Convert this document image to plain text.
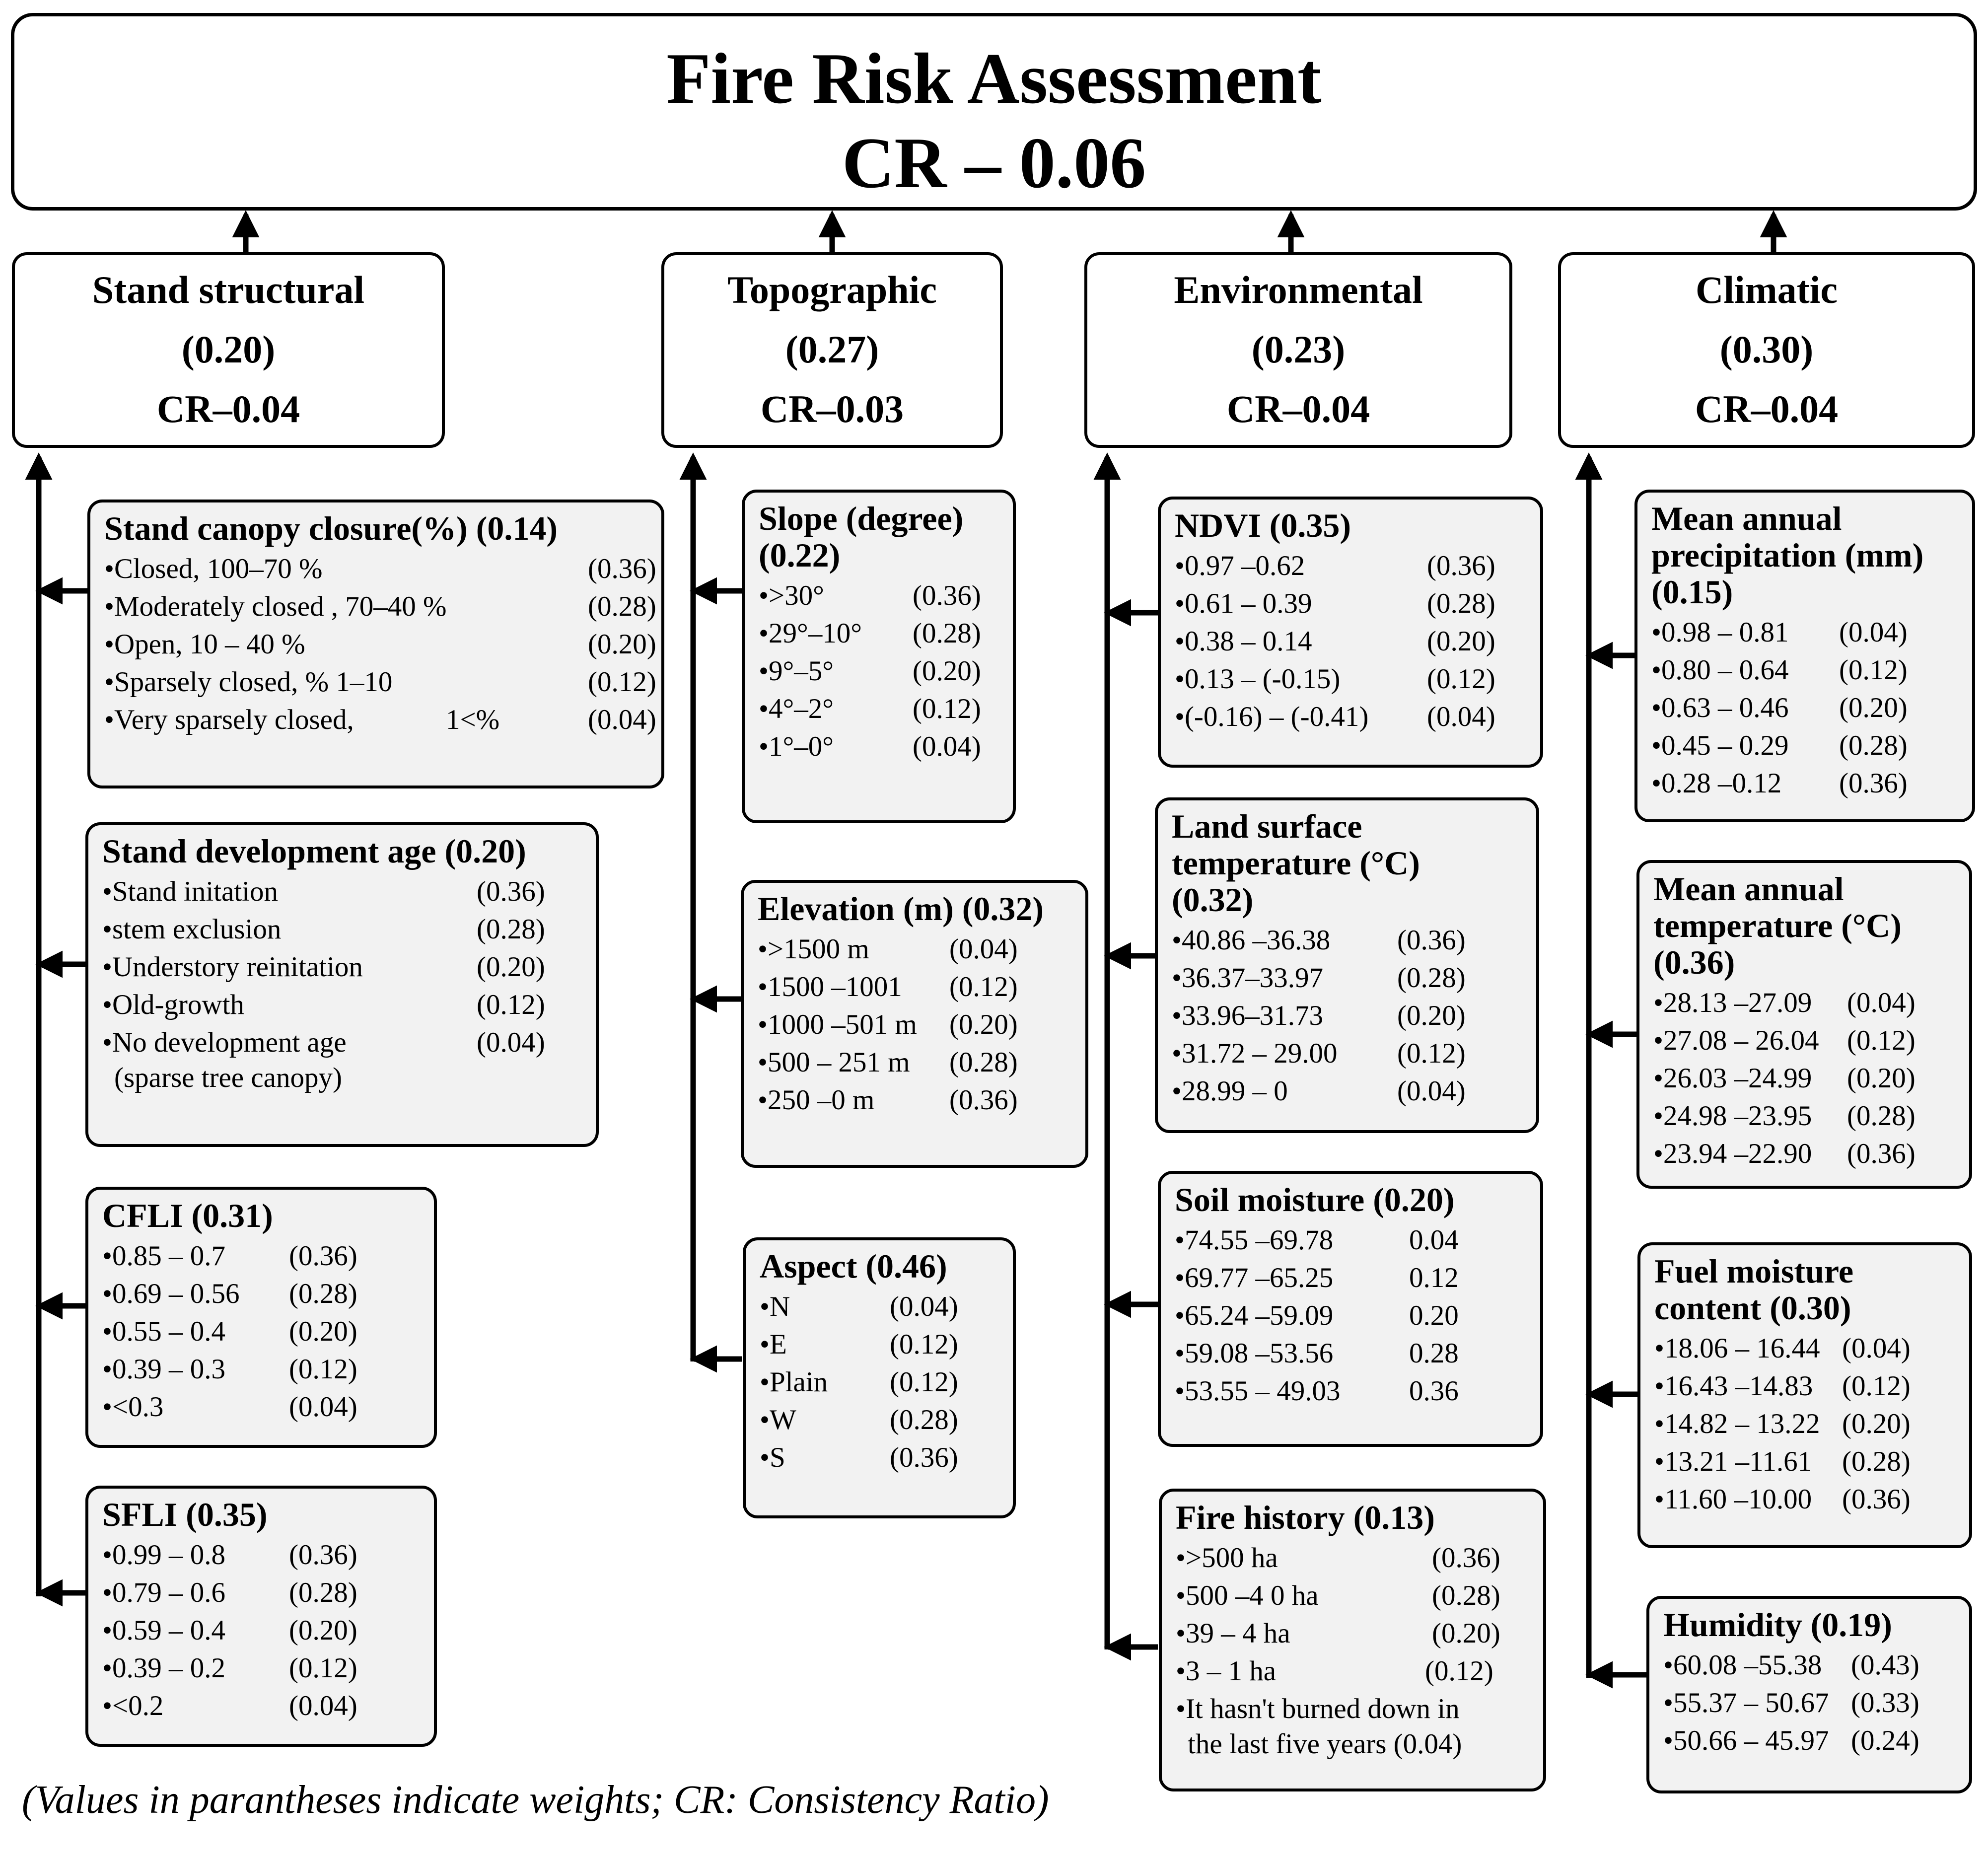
Fire Risk Assessment
CR – 0.06
Stand structural
(0.20)
CR–0.04
Topographic
(0.27)
CR–0.03
Environmental
(0.23)
CR–0.04
Climatic
(0.30)
CR–0.04
Stand canopy closure(%) (0.14)
•Closed, 100–70 %	(0.36)
•Moderately closed , 70–40 %	(0.28)
•Open, 10 – 40 %	(0.20)
•Sparsely closed, % 1–10	(0.12)
•Very sparsely closed,             1<%	(0.04)
Stand development age (0.20)
•Stand initation	(0.36)
•stem exclusion	(0.28)
•Understory reinitation	(0.20)
•Old-growth	(0.12)
•No development age	(0.04)
(sparse tree canopy)
CFLI (0.31)
•0.85 – 0.7 (0.36)
•0.69 – 0.56 (0.28)
•0.55 – 0.4 (0.20)
•0.39 – 0.3 (0.12)
•<0.3	(0.04)
SFLI (0.35)
•0.99 – 0.8 (0.36)
•0.79 – 0.6 (0.28)
•0.59 – 0.4 (0.20)
•0.39 – 0.2 (0.12)
•<0.2	(0.04)
Slope (degree)
(0.22)
•>30°	(0.36)
•29°–10° (0.28)
•9°–5°	(0.20)
•4°–2°	(0.12)
•1°–0°	(0.04)
Elevation (m) (0.32)
•>1500 m	(0.04)
•1500 –1001 (0.12)
•1000 –501 m (0.20)
•500 – 251 m (0.28)
•250 –0 m	(0.36)
Aspect (0.46)
•N	(0.04)
•E	(0.12)
•Plain (0.12)
•W	(0.28)
•S	(0.36)
NDVI (0.35)
•0.97 –0.62	(0.36)
•0.61 – 0.39	(0.28)
•0.38 – 0.14	(0.20)
•0.13 – (-0.15)	(0.12)
•(-0.16) – (-0.41) (0.04)
Land surface
temperature (°C)
(0.32)
•40.86 –36.38 (0.36)
•36.37–33.97	(0.28)
•33.96–31.73	(0.20)
•31.72 – 29.00 (0.12)
•28.99 – 0	(0.04)
Soil moisture (0.20)
•74.55 –69.78	0.04
•69.77 –65.25	0.12
•65.24 –59.09	0.20
•59.08 –53.56	0.28
•53.55 – 49.03 0.36
Fire history (0.13)
•>500 ha	(0.36)
•500 –4 0 ha	(0.28)
•39 – 4 ha	(0.20)
•3 – 1 ha	(0.12)
•It hasn't burned down in
the last five years (0.04)
Mean annual
precipitation (mm)
(0.15)
•0.98 – 0.81 (0.04)
•0.80 – 0.64 (0.12)
•0.63 – 0.46 (0.20)
•0.45 – 0.29 (0.28)
•0.28 –0.12 (0.36)
Mean annual
temperature (°C)
(0.36)
•28.13 –27.09 (0.04)
•27.08 – 26.04 (0.12)
•26.03 –24.99 (0.20)
•24.98 –23.95 (0.28)
•23.94 –22.90 (0.36)
Fuel moisture
content (0.30)
•18.06 – 16.44 (0.04)
•16.43 –14.83 (0.12)
•14.82 – 13.22 (0.20)
•13.21 –11.61 (0.28)
•11.60 –10.00 (0.36)
Humidity (0.19)
•60.08 –55.38 (0.43)
•55.37 – 50.67 (0.33)
•50.66 – 45.97 (0.24)
(Values in parantheses indicate weights; CR: Consistency Ratio)
